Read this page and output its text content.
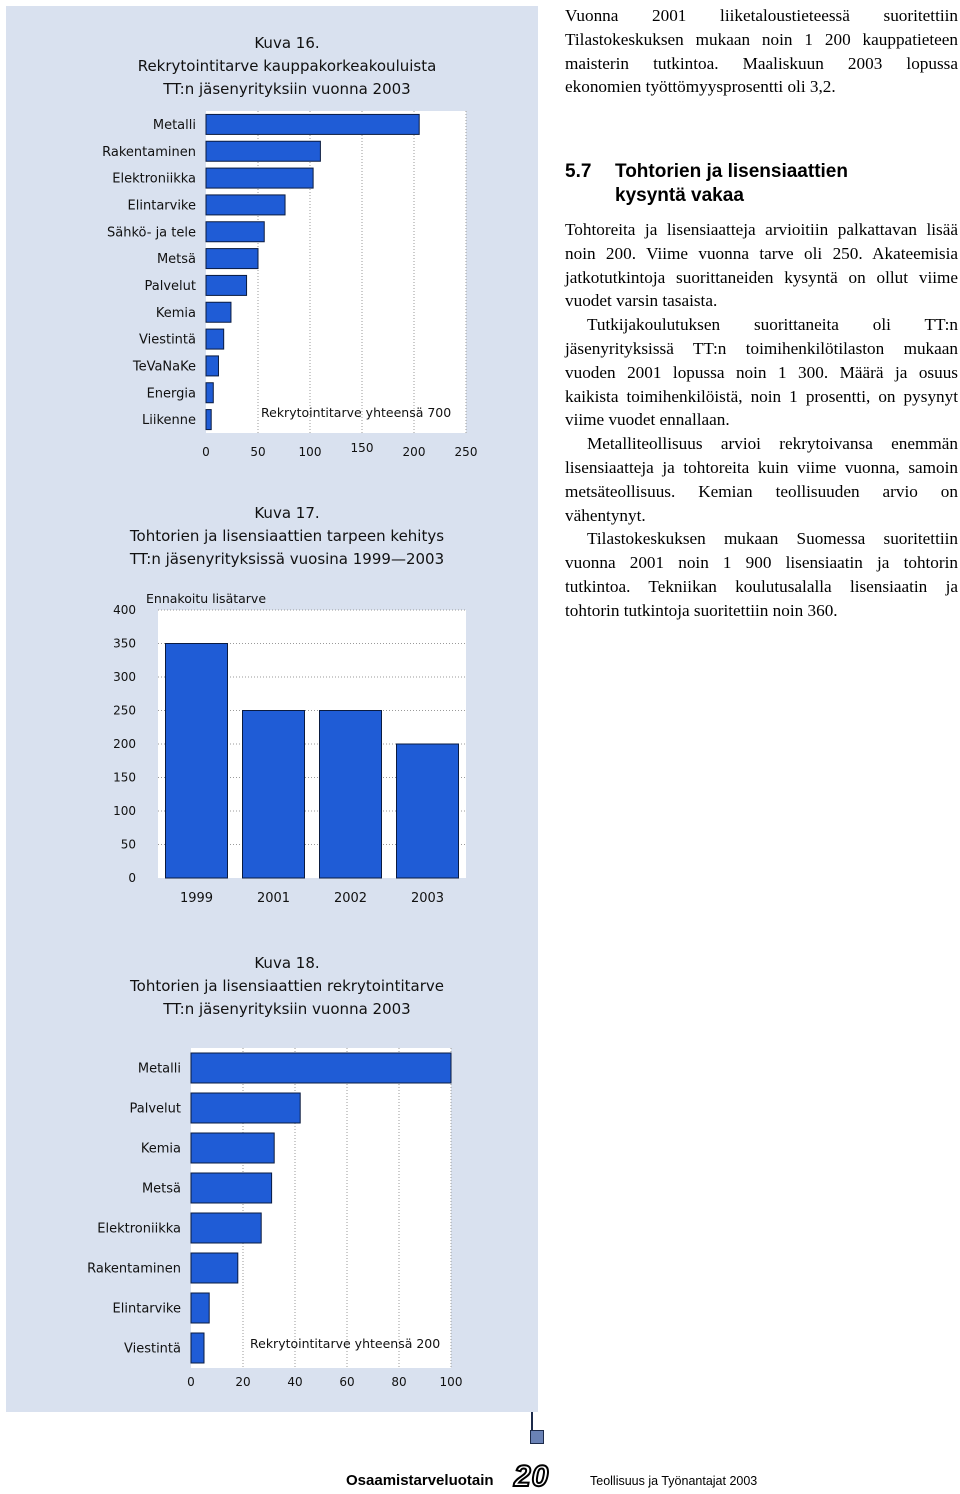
Kuva 16.
Rekrytointitarve kauppakorkeakouluista
TT:n jäsenyrityksiin vuonna 2003
Metalli
Rakentaminen
Elektroniikka
Elintarvike
Sähkö- ja tele
Metsä
Palvelut
Kemia
Viestintä
TeVaNaKe
Energia
Liikenne
0	50	100 150 200 250
Rekrytointitarve yhteensä 700
Kuva 17.
Tohtorien ja lisensiaattien tarpeen kehitys
TT:n jäsenyrityksissä vuosina 1999—2003
0
50
100
150
200
250
300
350
400
1999	2001	2002	2003
Ennakoitu lisätarve
Kuva 18.
Tohtorien ja lisensiaattien rekrytointitarve
TT:n jäsenyrityksiin vuonna 2003
Metalli
Palvelut
Kemia
Metsä
Elektroniikka
Rakentaminen
Elintarvike
Viestintä
0	20	40	60	80	100
Rekrytointitarve yhteensä 200
Vuonna 2001 liiketaloustieteessä suoritettiin Tilastokeskuksen mukaan noin 1 200 kauppatieteen maisterin tutkintoa. Maaliskuun 2003 lopussa ekonomien työttömyysprosentti oli 3,2.
5.7 Tohtorien ja lisensiaattien
kysyntä vakaa

Tohtoreita ja lisensiaatteja arvioitiin palkattavan lisää noin 200. Viime vuonna tarve oli 250. Akateemisia jatkotutkintoja suorittaneiden kysyntä on ollut viime vuodet varsin tasaista.

Tutkijakoulutuksen suorittaneita oli TT:n jäsenyrityksissä TT:n toimihenkilötilaston mukaan vuoden 2001 lopussa noin 1 300. Määrä ja osuus kaikista toimihenkilöistä, noin 1 prosentti, on pysynyt viime vuodet ennallaan.

Metalliteollisuus arvioi rekrytoivansa enemmän lisensiaatteja ja tohtoreita kuin viime vuonna, samoin metsäteollisuus. Kemian teollisuuden arvio on vähentynyt.

Tilastokeskuksen mukaan Suomessa suoritettiin vuonna 2001 noin 1 900 lisensiaatin ja tohtorin tutkintoa. Tekniikan koulutusalalla lisensiaatin ja tohtorin tutkintoja suoritettiin noin 360.

Osaamistarveluotain 20	Teollisuus ja Työnantajat 2003
